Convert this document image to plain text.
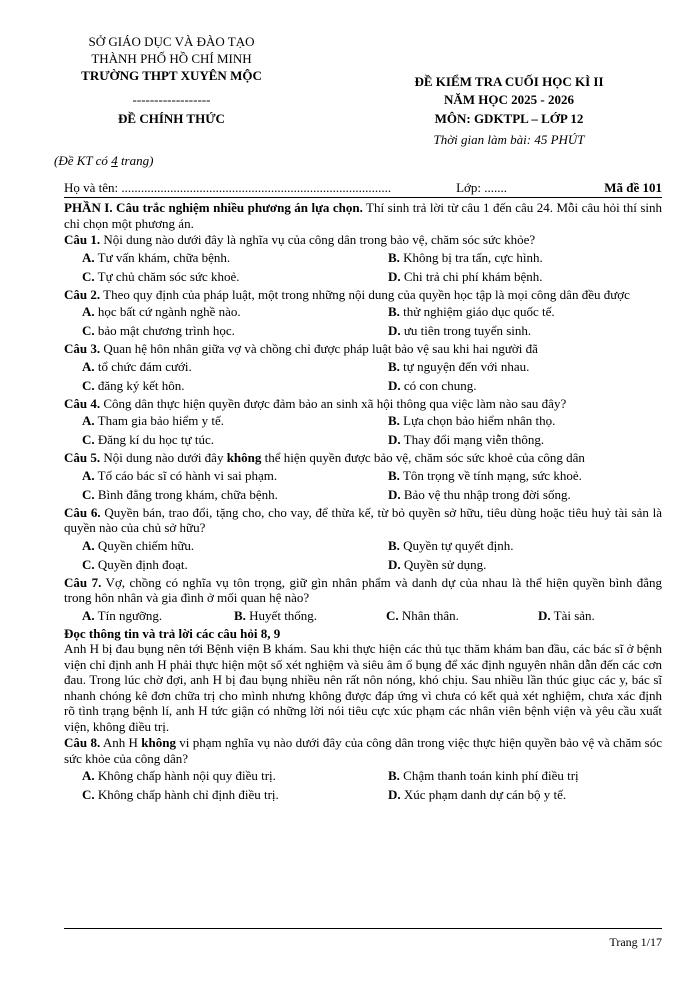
SỞ GIÁO DỤC VÀ ĐÀO TẠO
THÀNH PHỐ HỒ CHÍ MINH
TRƯỜNG THPT XUYÊN MỘC
------------------
ĐỀ CHÍNH THỨC
(Đề KT có 4 trang)
ĐỀ KIỂM TRA CUỐI HỌC KÌ II
NĂM HỌC 2025 - 2026
MÔN: GDKTPL – LỚP 12
Thời gian làm bài: 45 PHÚT
Họ và tên: ...................................................................................	Lớp: .......	Mã đề 101

PHẦN I. Câu trắc nghiệm nhiều phương án lựa chọn. Thí sinh trả lời từ câu 1 đến câu 24. Mỗi câu hỏi thí sinh chỉ chọn một phương án.

Câu 1. Nội dung nào dưới đây là nghĩa vụ của công dân trong bảo vệ, chăm sóc sức khỏe?

A. Tư vấn khám, chữa bệnh.	B. Không bị tra tấn, cực hình.
C. Tự chủ chăm sóc sức khoẻ.	D. Chi trả chi phí khám bệnh.

Câu 2. Theo quy định của pháp luật, một trong những nội dung của quyền học tập là mọi công dân đều được

A. học bất cứ ngành nghề nào.	B. thử nghiệm giáo dục quốc tế.
C. bảo mật chương trình học.	D. ưu tiên trong tuyển sinh.

Câu 3. Quan hệ hôn nhân giữa vợ và chồng chỉ được pháp luật bảo vệ sau khi hai người đã

A. tổ chức đám cưới.	B. tự nguyện đến với nhau.
C. đăng ký kết hôn.	D. có con chung.

Câu 4. Công dân thực hiện quyền được đảm bảo an sinh xã hội thông qua việc làm nào sau đây?

A. Tham gia bảo hiểm y tế.	B. Lựa chọn bảo hiểm nhân thọ.
C. Đăng kí du học tự túc.	D. Thay đổi mạng viễn thông.

Câu 5. Nội dung nào dưới đây không thể hiện quyền được bảo vệ, chăm sóc sức khoẻ của công dân

A. Tố cáo bác sĩ có hành vi sai phạm.	B. Tôn trọng về tính mạng, sức khoẻ.
C. Bình đẳng trong khám, chữa bệnh.	D. Bảo vệ thu nhập trong đời sống.

Câu 6. Quyền bán, trao đổi, tặng cho, cho vay, để thừa kế, từ bỏ quyền sở hữu, tiêu dùng hoặc tiêu huỷ tài sản là quyền nào của chủ sở hữu?

A. Quyền chiếm hữu.	B. Quyền tự quyết định.
C. Quyền định đoạt.	D. Quyền sử dụng.

Câu 7. Vợ, chồng có nghĩa vụ tôn trọng, giữ gìn nhân phẩm và danh dự của nhau là thể hiện quyền bình đẳng trong hôn nhân và gia đình ở mối quan hệ nào?

A. Tín ngưỡng.	B. Huyết thống.	C. Nhân thân.	D. Tài sản.

Đọc thông tin và trả lời các câu hỏi 8, 9

Anh H bị đau bụng nên tới Bệnh viện B khám. Sau khi thực hiện các thủ tục thăm khám ban đầu, các bác sĩ ở bệnh viện chỉ định anh H phải thực hiện một số xét nghiệm và siêu âm ổ bụng để xác định nguyên nhân dẫn đến các cơn đau. Trong lúc chờ đợi, anh H bị đau bụng nhiều nên rất nôn nóng, khó chịu. Sau nhiều lần thúc giục các y, bác sĩ nhanh chóng kê đơn chữa trị cho mình nhưng không được đáp ứng vì chưa có kết quả xét nghiệm, chưa xác định rõ tình trạng bệnh lí, anh H tức giận có những lời nói tiêu cực xúc phạm các nhân viên bệnh viện và yêu cầu xuất viện, không điều trị.

Câu 8. Anh H không vi phạm nghĩa vụ nào dưới đây của công dân trong việc thực hiện quyền bảo vệ và chăm sóc sức khỏe của công dân?

A. Không chấp hành nội quy điều trị.	B. Chậm thanh toán kinh phí điều trị
C. Không chấp hành chỉ định điều trị.	D. Xúc phạm danh dự cán bộ y tế.
Trang 1/17
